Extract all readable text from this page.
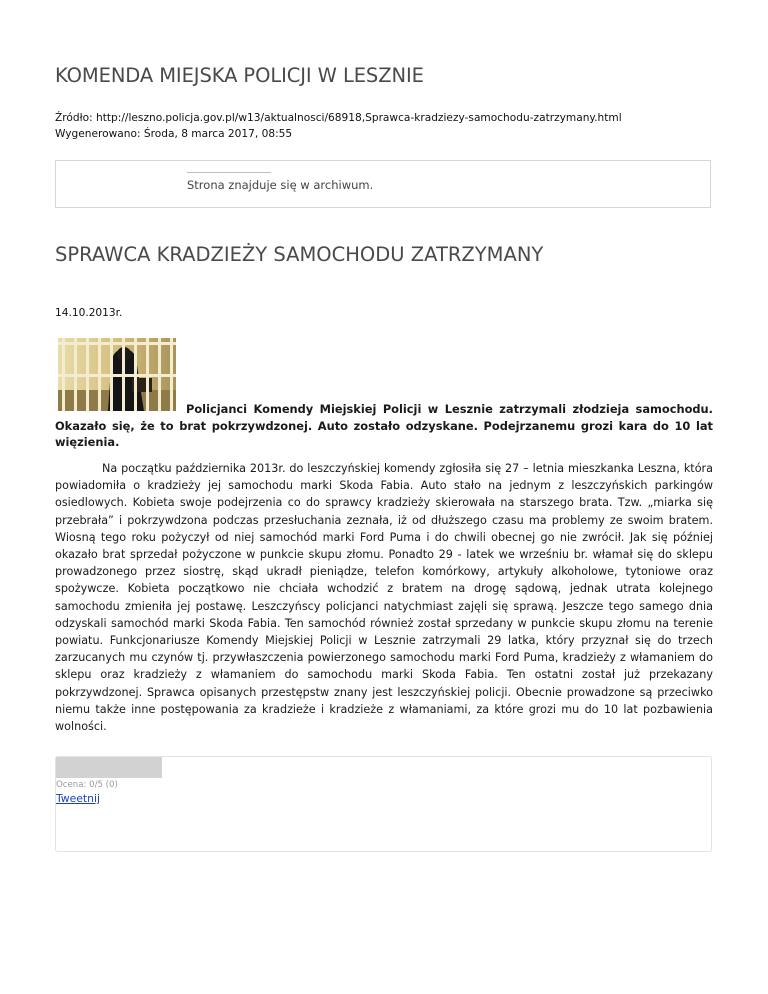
KOMENDA MIEJSKA POLICJI W LESZNIE
Źródło: http://leszno.policja.gov.pl/w13/aktualnosci/68918,Sprawca-kradziezy-samochodu-zatrzymany.html
Wygenerowano: Środa, 8 marca 2017, 08:55
Strona znajduje się w archiwum.
SPRAWCA KRADZIEŻY SAMOCHODU ZATRZYMANY
14.10.2013r.

Policjanci Komendy Miejskiej Policji w Lesznie zatrzymali złodzieja samochodu. Okazało się, że to brat pokrzywdzonej. Auto zostało odzyskane. Podejrzanemu grozi kara do 10 lat więzienia.

Na początku października 2013r. do leszczyńskiej komendy zgłosiła się 27 – letnia mieszkanka Leszna, która powiadomiła o kradzieży jej samochodu marki Skoda Fabia. Auto stało na jednym z leszczyńskich parkingów osiedlowych. Kobieta swoje podejrzenia co do sprawcy kradzieży skierowała na starszego brata. Tzw. „miarka się przebrała” i pokrzywdzona podczas przesłuchania zeznała, iż od dłuższego czasu ma problemy ze swoim bratem. Wiosną tego roku pożyczył od niej samochód marki Ford Puma i do chwili obecnej go nie zwrócił. Jak się później okazało brat sprzedał pożyczone w punkcie skupu złomu. Ponadto 29 - latek we wrześniu br. włamał się do sklepu prowadzonego przez siostrę, skąd ukradł pieniądze, telefon komórkowy, artykuły alkoholowe, tytoniowe oraz spożywcze. Kobieta początkowo nie chciała wchodzić z bratem na drogę sądową, jednak utrata kolejnego samochodu zmieniła jej postawę. Leszczyńscy policjanci natychmiast zajęli się sprawą. Jeszcze tego samego dnia odzyskali samochód marki Skoda Fabia. Ten samochód również został sprzedany w punkcie skupu złomu na terenie powiatu. Funkcjonariusze Komendy Miejskiej Policji w Lesznie zatrzymali 29 latka, który przyznał się do trzech zarzucanych mu czynów tj. przywłaszczenia powierzonego samochodu marki Ford Puma, kradzieży z włamaniem do sklepu oraz kradzieży z włamaniem do samochodu marki Skoda Fabia. Ten ostatni został już przekazany pokrzywdzonej. Sprawca opisanych przestępstw znany jest leszczyńskiej policji. Obecnie prowadzone są przeciwko niemu także inne postępowania za kradzieże i kradzieże z włamaniami, za które grozi mu do 10 lat pozbawienia wolności.

Ocena: 0/5 (0)
Tweetnij
